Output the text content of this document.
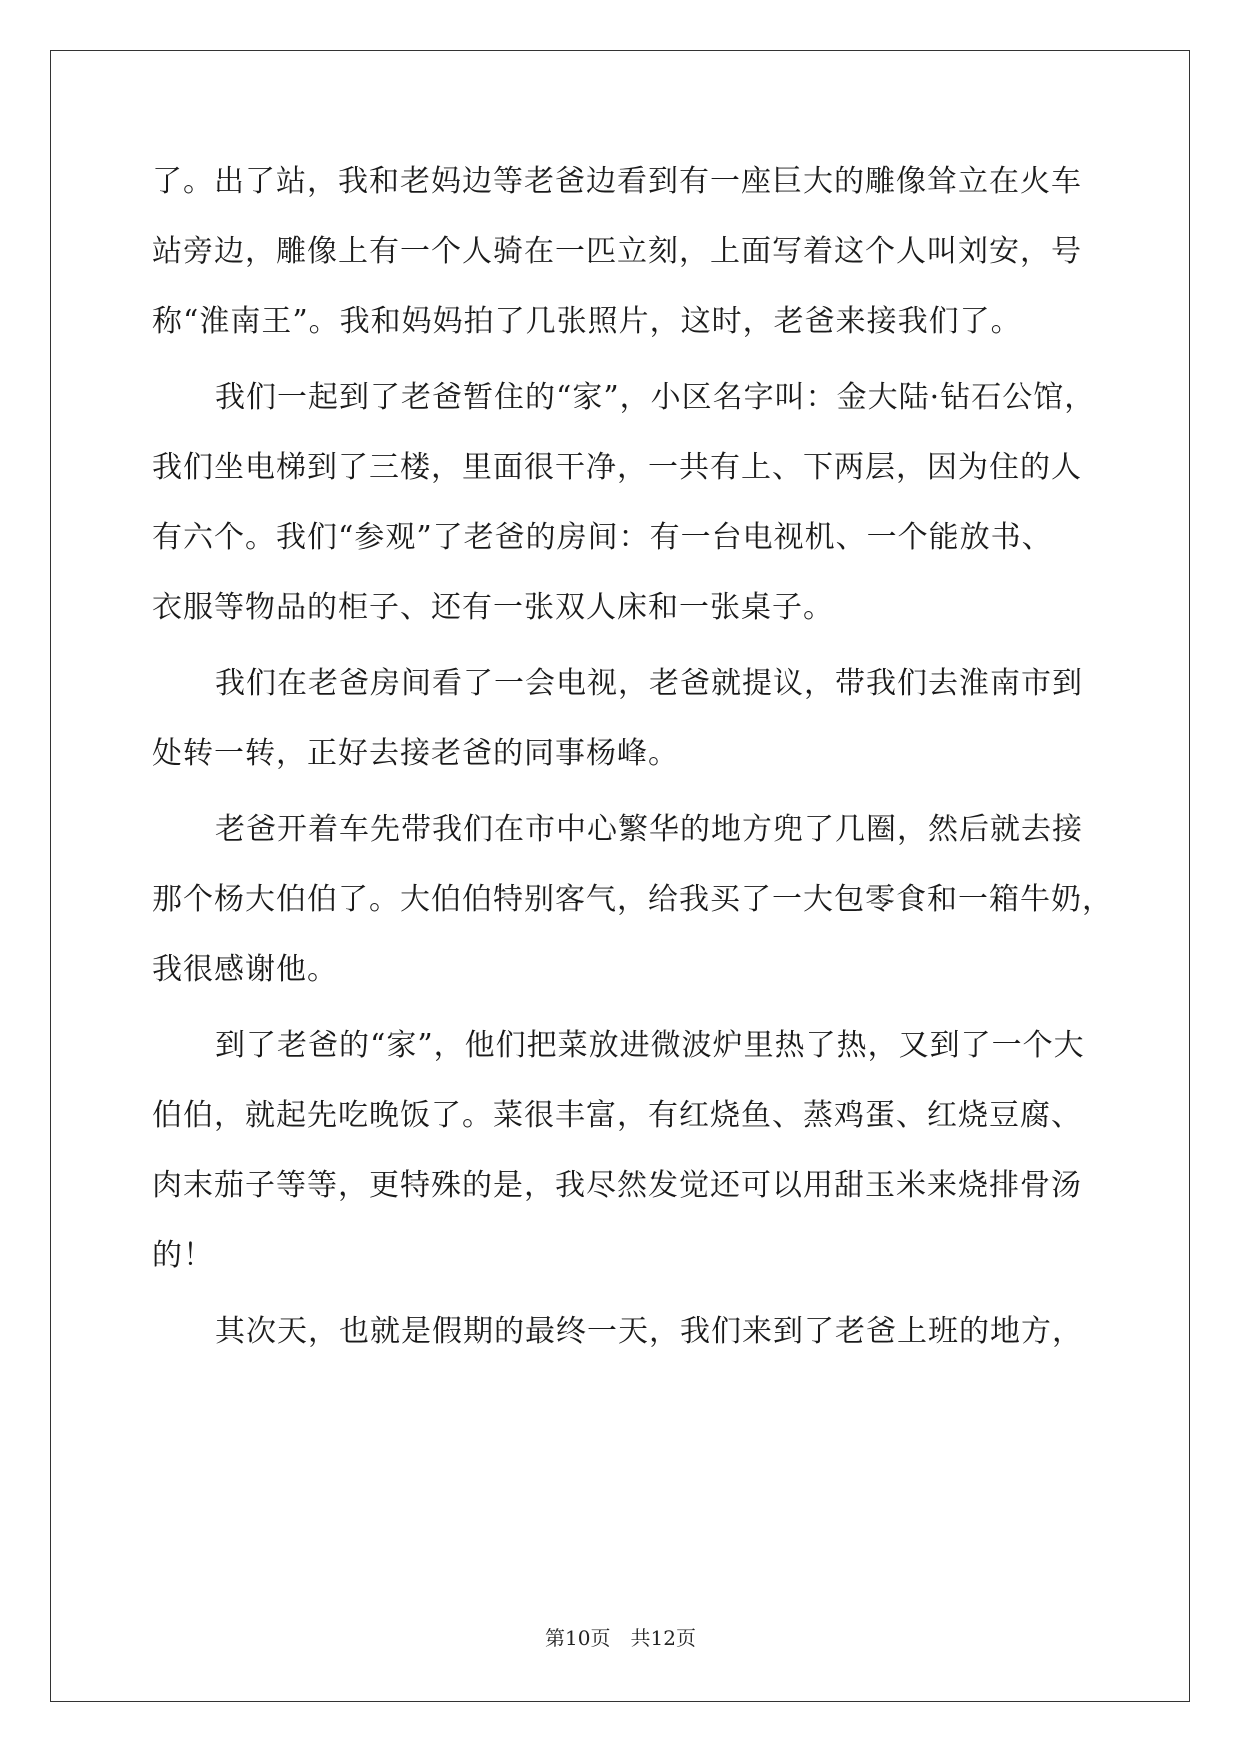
了。出了站，我和老妈边等老爸边看到有一座巨大的雕像耸立在火车
站旁边，雕像上有一个人骑在一匹立刻，上面写着这个人叫刘安，号
称“淮南王”。我和妈妈拍了几张照片，这时，老爸来接我们了。
我们一起到了老爸暂住的“家”，小区名字叫：金大陆·钻石公馆，
我们坐电梯到了三楼，里面很干净，一共有上、下两层，因为住的人
有六个。我们“参观”了老爸的房间：有一台电视机、一个能放书、
衣服等物品的柜子、还有一张双人床和一张桌子。
我们在老爸房间看了一会电视，老爸就提议，带我们去淮南市到
处转一转，正好去接老爸的同事杨峰。
老爸开着车先带我们在市中心繁华的地方兜了几圈，然后就去接
那个杨大伯伯了。大伯伯特别客气，给我买了一大包零食和一箱牛奶，
我很感谢他。
到了老爸的“家”，他们把菜放进微波炉里热了热，又到了一个大
伯伯，就起先吃晚饭了。菜很丰富，有红烧鱼、蒸鸡蛋、红烧豆腐、
肉末茄子等等，更特殊的是，我尽然发觉还可以用甜玉米来烧排骨汤
的！
其次天，也就是假期的最终一天，我们来到了老爸上班的地方，
第10页　共12页
